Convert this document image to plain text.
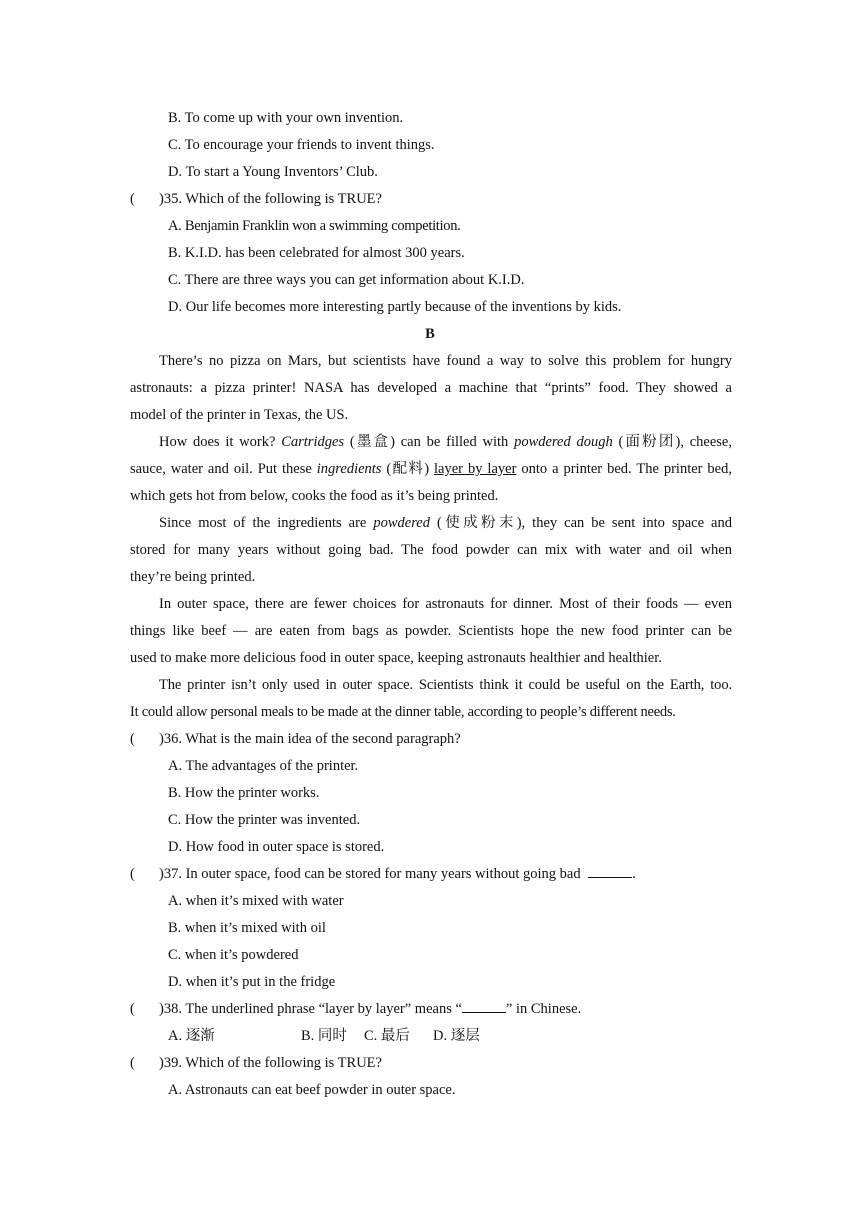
B. To come up with your own invention.
C. To encourage your friends to invent things.
D. To start a Young Inventors’ Club.
( )35. Which of the following is TRUE?
A. Benjamin Franklin won a swimming competition.
B. K.I.D. has been celebrated for almost 300 years.
C. There are three ways you can get information about K.I.D.
D. Our life becomes more interesting partly because of the inventions by kids.
B
There’s no pizza on Mars, but scientists have found a way to solve this problem for hungry
astronauts: a pizza printer! NASA has developed a machine that “prints” food. They showed a
model of the printer in Texas, the US.
How does it work? Cartridges (墨盒) can be filled with powdered dough (面粉团), cheese,
sauce, water and oil. Put these ingredients (配料) layer by layer onto a printer bed. The printer bed,
which gets hot from below, cooks the food as it’s being printed.
Since most of the ingredients are powdered (使成粉末), they can be sent into space and
stored for many years without going bad. The food powder can mix with water and oil when
they’re being printed.
In outer space, there are fewer choices for astronauts for dinner. Most of their foods — even
things like beef — are eaten from bags as powder. Scientists hope the new food printer can be
used to make more delicious food in outer space, keeping astronauts healthier and healthier.
The printer isn’t only used in outer space. Scientists think it could be useful on the Earth, too.
It could allow personal meals to be made at the dinner table, according to people’s different needs.
( )36. What is the main idea of the second paragraph?
A. The advantages of the printer.
B. How the printer works.
C. How the printer was invented.
D. How food in outer space is stored.
( )37. In outer space, food can be stored for many years without going bad	.
A. when it’s mixed with water
B. when it’s mixed with oil
C. when it’s powdered
D. when it’s put in the fridge
( )38. The underlined phrase “layer by layer” means “	” in Chinese.
A. 逐渐	B. 同时 C. 最后 D. 逐层
( )39. Which of the following is TRUE?
A. Astronauts can eat beef powder in outer space.
